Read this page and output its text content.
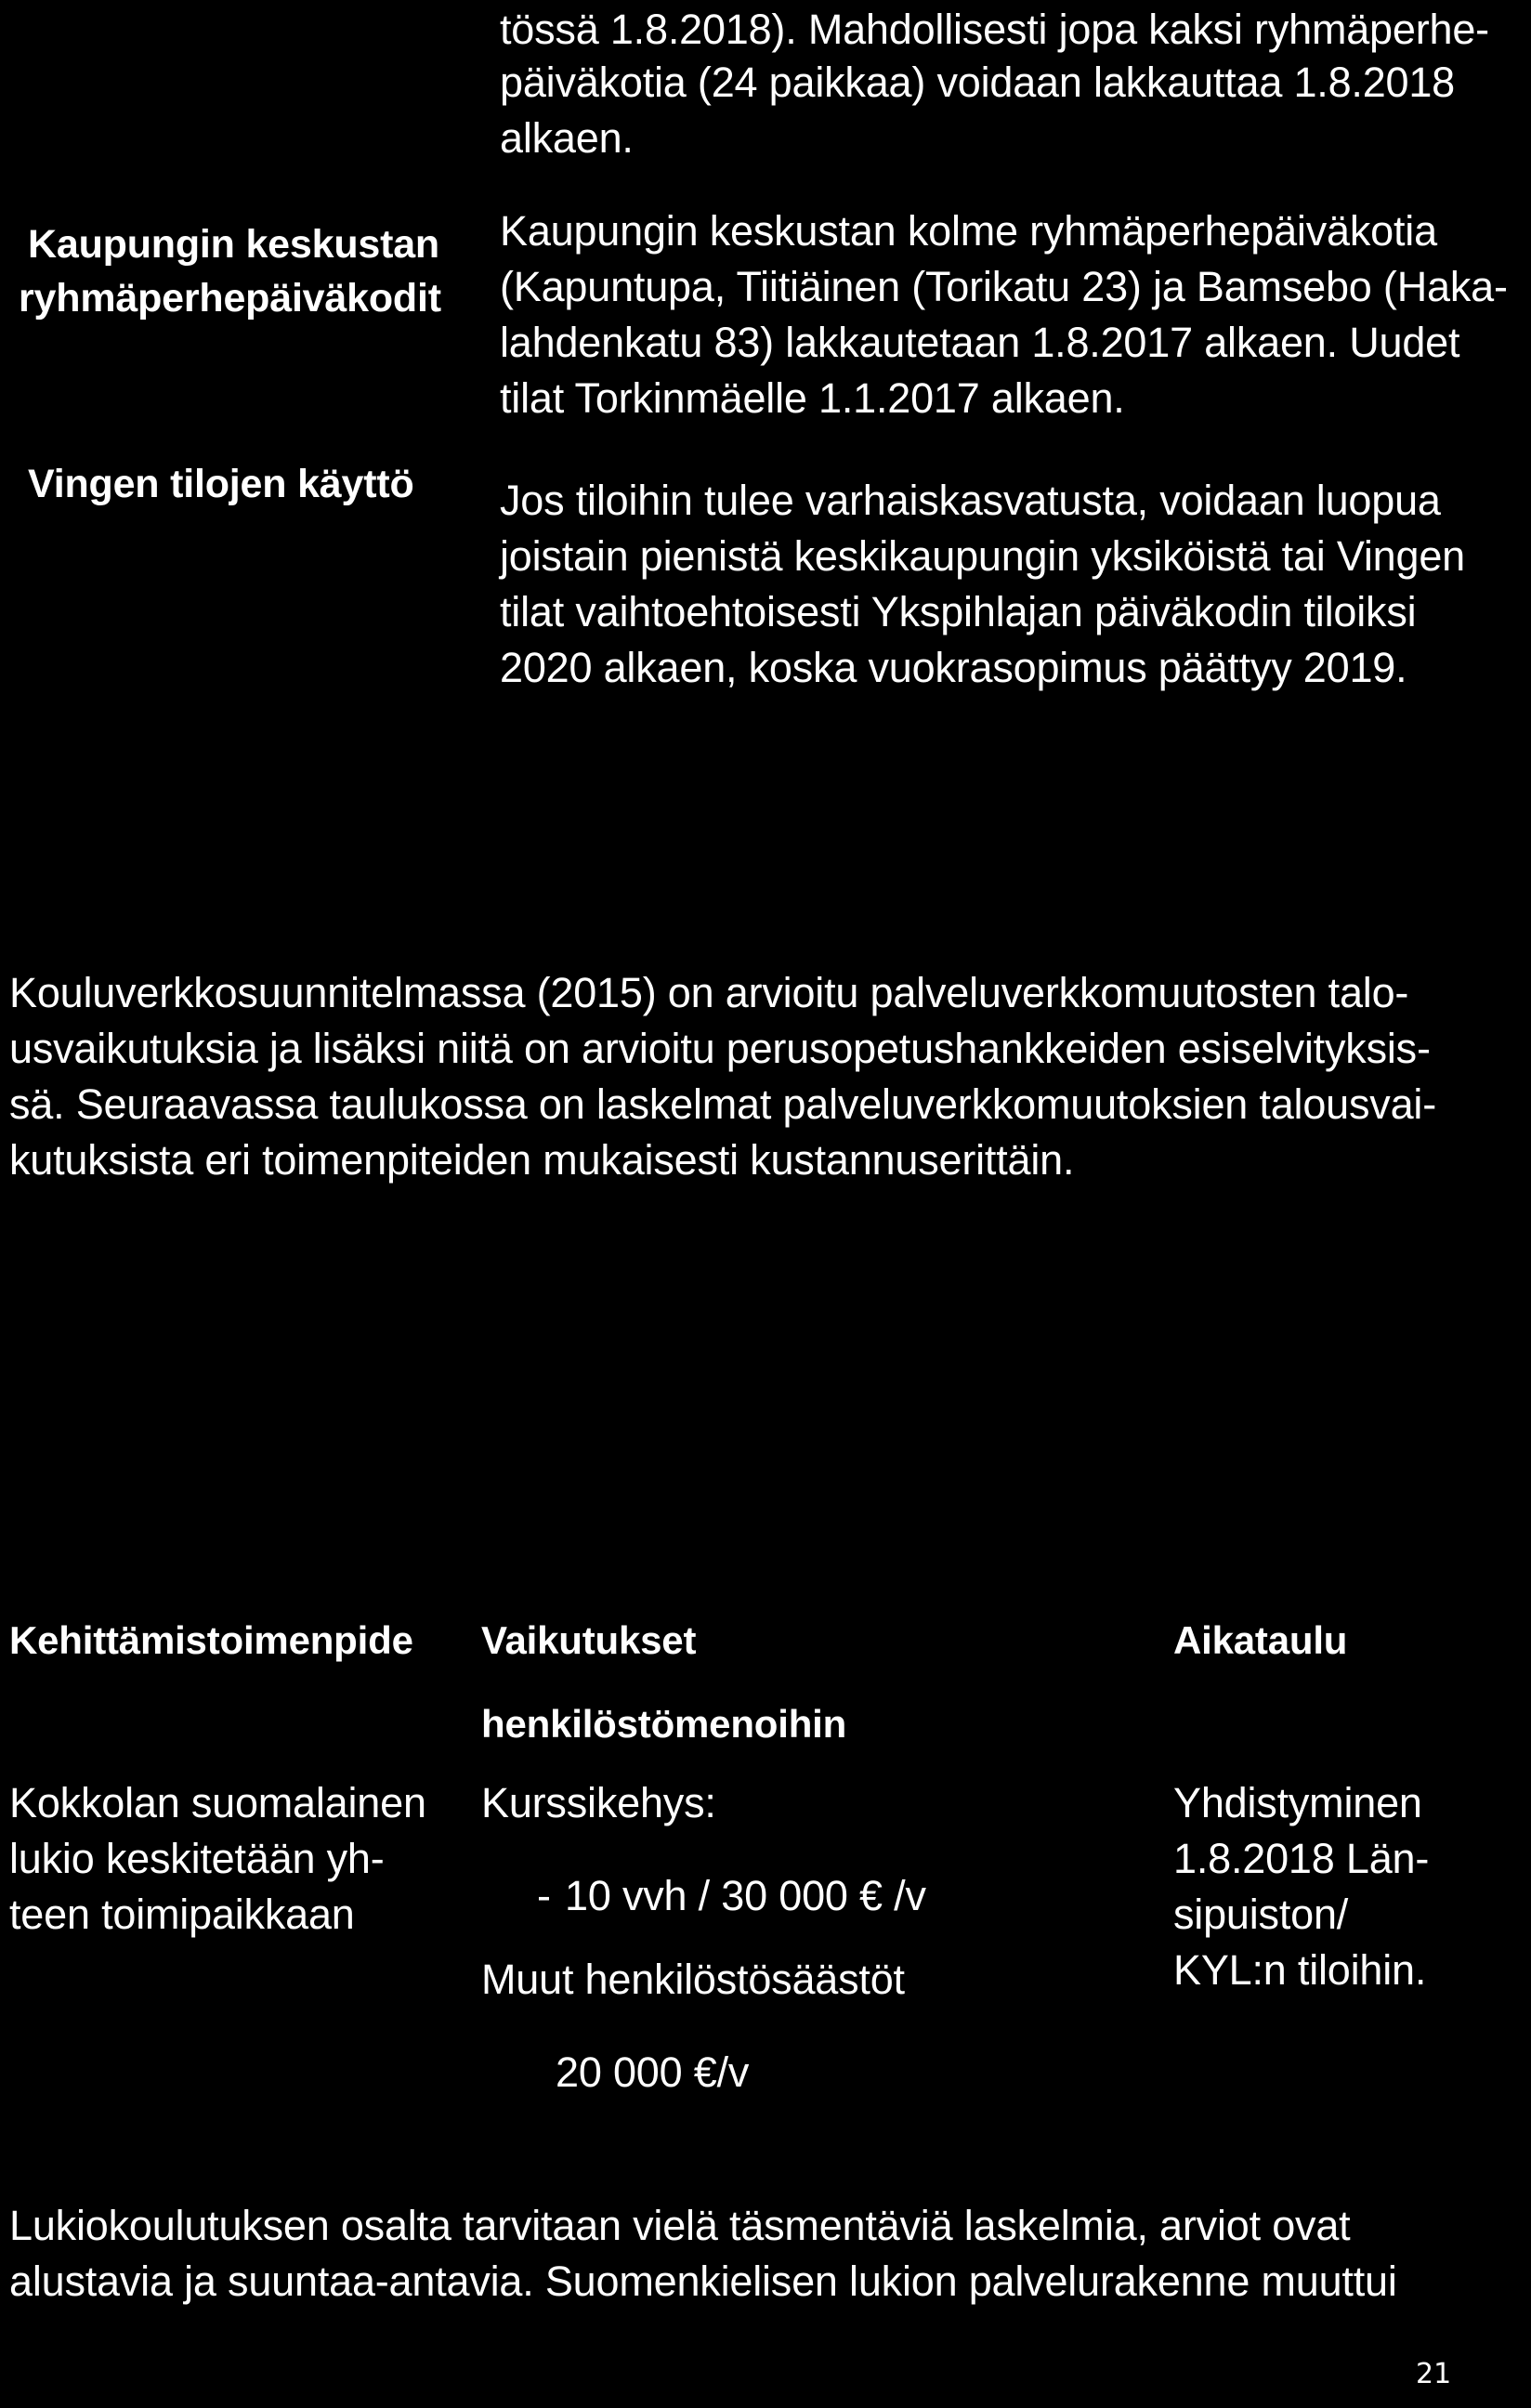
tössä 1.8.2018). Mahdollisesti jopa kaksi ryhmäperhe-
päiväkotia (24 paikkaa) voidaan lakkauttaa 1.8.2018
alkaen.
Kaupungin keskustan
ryhmäperhepäiväkodit
Kaupungin keskustan kolme ryhmäperhepäiväkotia
(Kapuntupa, Tiitiäinen (Torikatu 23) ja Bamsebo (Haka-
lahdenkatu 83) lakkautetaan 1.8.2017 alkaen. Uudet
tilat Torkinmäelle 1.1.2017 alkaen.
Vingen tilojen käyttö Jos tiloihin tulee varhaiskasvatusta, voidaan luopua
joistain pienistä keskikaupungin yksiköistä tai Vingen
tilat vaihtoehtoisesti Ykspihlajan päiväkodin tiloiksi
2020 alkaen, koska vuokrasopimus päättyy 2019.
Kouluverkkosuunnitelmassa (2015) on arvioitu palveluverkkomuutosten talo-
usvaikutuksia ja lisäksi niitä on arvioitu perusopetushankkeiden esiselvityksis-
sä. Seuraavassa taulukossa on laskelmat palveluverkkomuutoksien talousvai-
kutuksista eri toimenpiteiden mukaisesti kustannuserittäin.
Kehittämistoimenpide Vaikutukset
henkilöstömenoihin
Aikataulu
Kokkolan suomalainen
lukio keskitetään yh-
teen toimipaikkaan
Kurssikehys:
- 10 vvh / 30 000 € /v
Muut henkilöstösäästöt
20 000 €/v
Yhdistyminen
1.8.2018 Län-
sipuiston/
KYL:n tiloihin.
Lukiokoulutuksen osalta tarvitaan vielä täsmentäviä laskelmia, arviot ovat
alustavia ja suuntaa-antavia. Suomenkielisen lukion palvelurakenne muuttui
21
